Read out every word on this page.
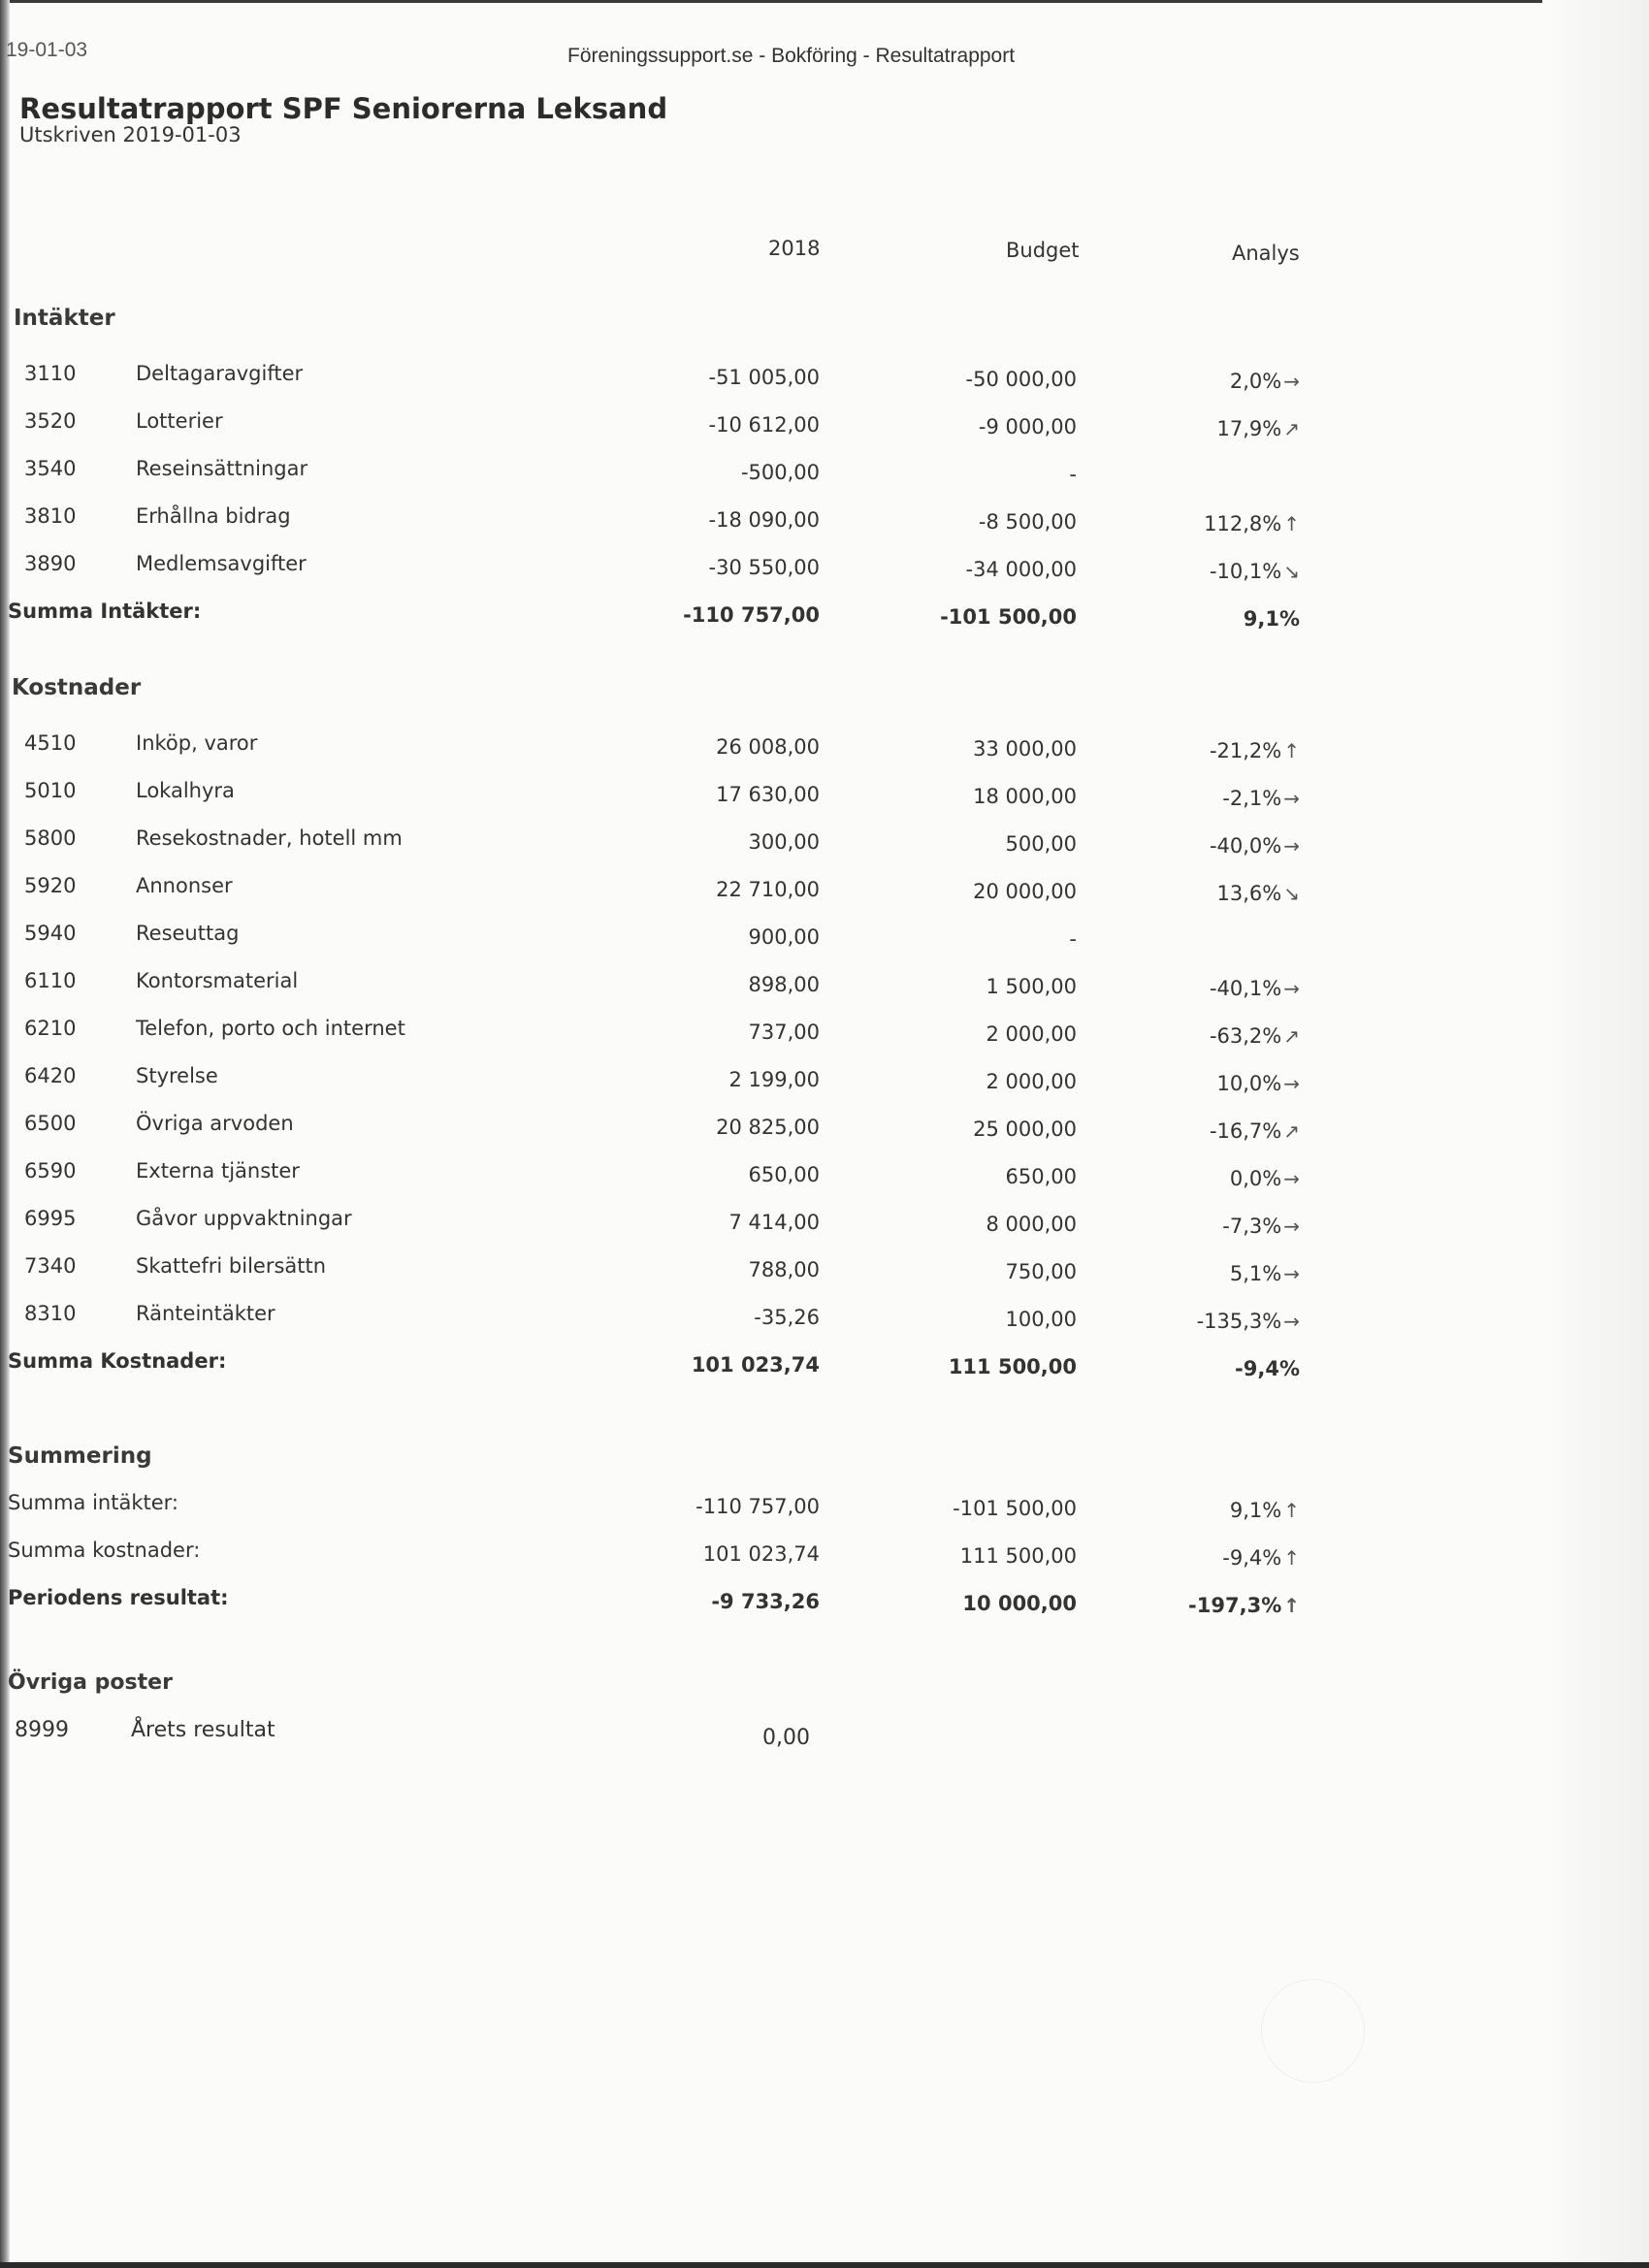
19-01-03	Föreningssupport.se - Bokföring - Resultatrapport
Resultatrapport SPF Seniorerna Leksand
Utskriven 2019-01-03
2018	Budget	Analys
Intäkter
3110	Deltagaravgifter	-51 005,00	-50 000,00	2,0% →
3520	Lotterier	-10 612,00	-9 000,00	17,9% ↗
3540	Reseinsättningar	-500,00	-
3810	Erhållna bidrag	-18 090,00	-8 500,00	112,8% ↑
3890	Medlemsavgifter	-30 550,00	-34 000,00	-10,1% ↘
Summa Intäkter:	-110 757,00	-101 500,00	9,1%
Kostnader
4510	Inköp, varor	26 008,00	33 000,00	-21,2% ↑
5010	Lokalhyra	17 630,00	18 000,00	-2,1% →
5800	Resekostnader, hotell mm	300,00	500,00	-40,0% →
5920	Annonser	22 710,00	20 000,00	13,6% ↘
5940	Reseuttag	900,00	-
6110	Kontorsmaterial	898,00	1 500,00	-40,1% →
6210	Telefon, porto och internet	737,00	2 000,00	-63,2% ↗
6420	Styrelse	2 199,00	2 000,00	10,0% →
6500	Övriga arvoden	20 825,00	25 000,00	-16,7% ↗
6590	Externa tjänster	650,00	650,00	0,0% →
6995	Gåvor uppvaktningar	7 414,00	8 000,00	-7,3% →
7340	Skattefri bilersättn	788,00	750,00	5,1% →
8310	Ränteintäkter	-35,26	100,00	-135,3% →
Summa Kostnader:	101 023,74	111 500,00	-9,4%
Summering
Summa intäkter:	-110 757,00	-101 500,00	9,1% ↑
Summa kostnader:	101 023,74	111 500,00	-9,4% ↑
Periodens resultat:	-9 733,26	10 000,00	-197,3% ↑
Övriga poster
8999	Årets resultat	0,00
